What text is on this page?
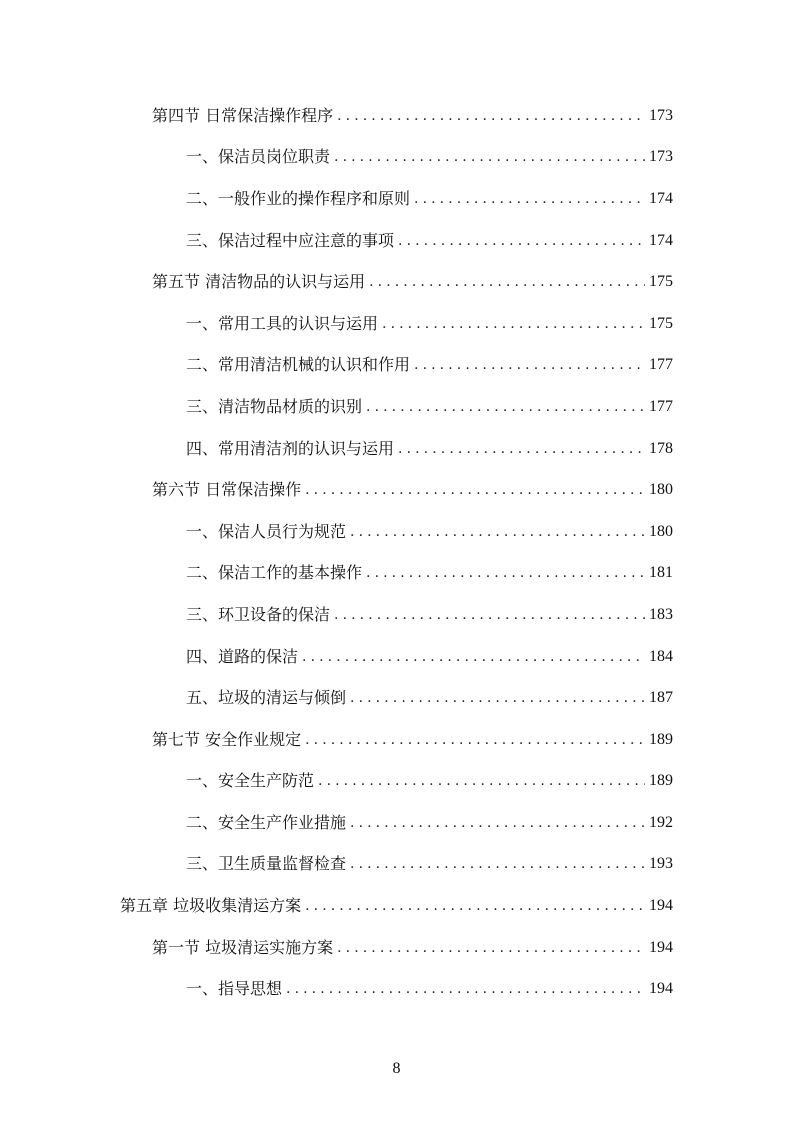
第四节 日常保洁操作程序 .....	173
一、保洁员岗位职责 .....	173
二、一般作业的操作程序和原则 .....	174
三、保洁过程中应注意的事项 .....	174
第五节 清洁物品的认识与运用 .....	175
一、常用工具的认识与运用 .....	175
二、常用清洁机械的认识和作用 .....	177
三、清洁物品材质的识别 .....	177
四、常用清洁剂的认识与运用 .....	178
第六节 日常保洁操作 .....	180
一、保洁人员行为规范 .....	180
二、保洁工作的基本操作 .....	181
三、环卫设备的保洁 .....	183
四、道路的保洁 .....	184
五、垃圾的清运与倾倒 .....	187
第七节 安全作业规定 .....	189
一、安全生产防范 .....	189
二、安全生产作业措施 .....	192
三、卫生质量监督检查 .....	193
第五章 垃圾收集清运方案 .....	194
第一节 垃圾清运实施方案 .....	194
一、指导思想 .....	194
8
